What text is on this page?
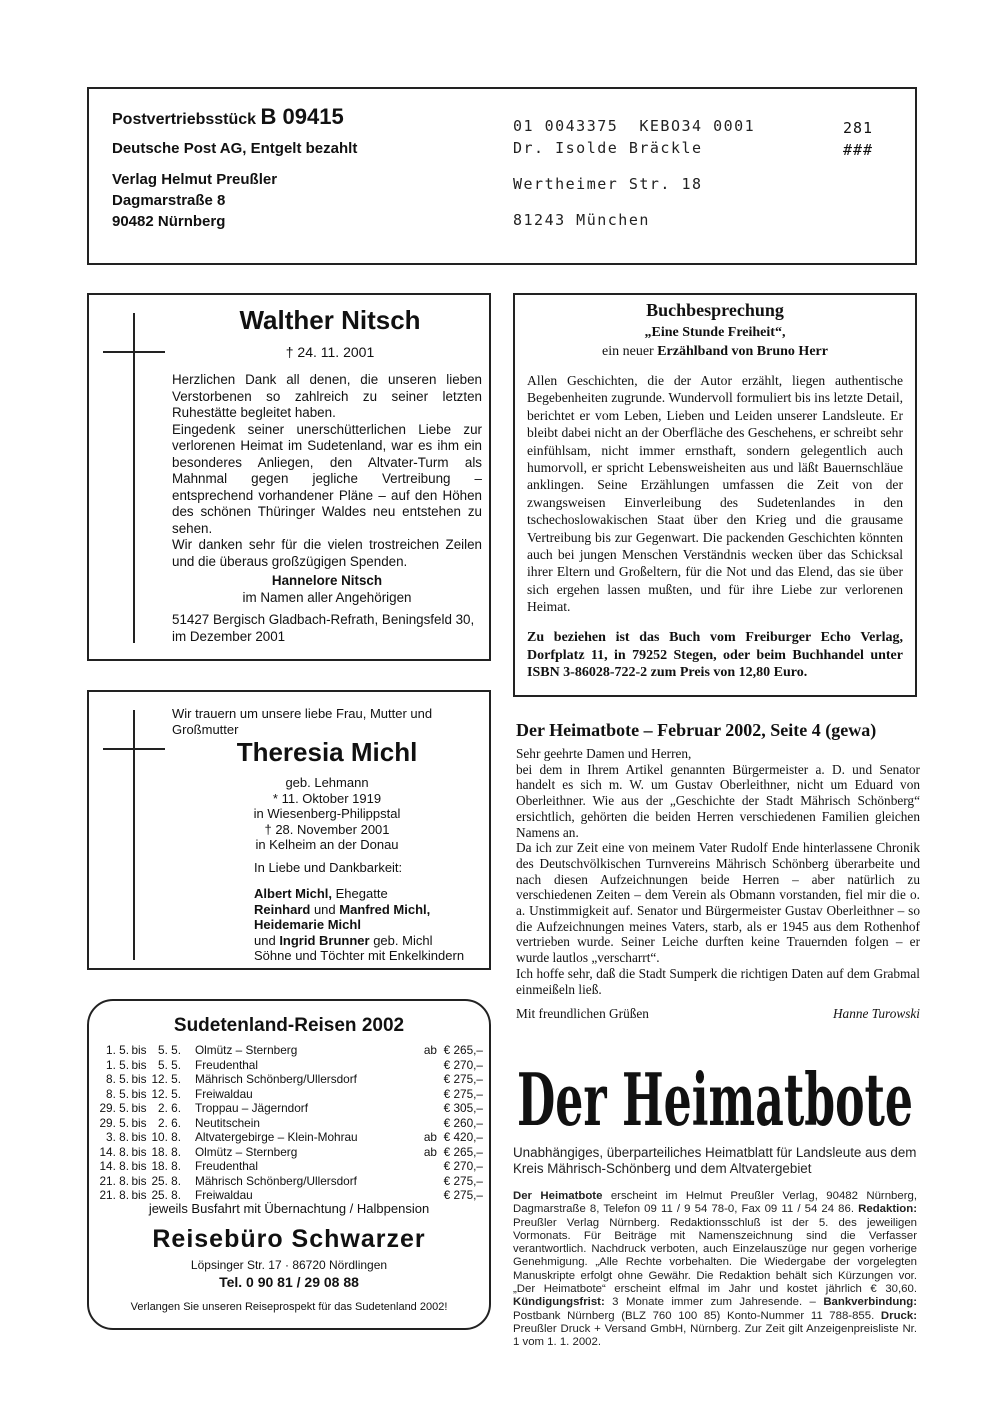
Postvertriebsstück B 09415
Deutsche Post AG, Entgelt bezahlt
Verlag Helmut Preußler
Dagmarstraße 8
90482 Nürnberg
01 0043375  KEBO34 0001
Dr. Isolde Bräckle
Wertheimer Str. 18
81243 München
281
###
Walther Nitsch
† 24. 11. 2001
Herzlichen Dank all denen, die unseren lieben Verstorbenen so zahlreich zu seiner letzten Ruhestätte begleitet haben.
Eingedenk seiner unerschütterlichen Liebe zur verlorenen Heimat im Sudetenland, war es ihm ein besonderes Anliegen, den Altvater-Turm als Mahnmal gegen jegliche Vertreibung – entsprechend vorhandener Pläne – auf den Höhen des schönen Thüringer Waldes neu entstehen zu sehen.
Wir danken sehr für die vielen trostreichen Zeilen und die überaus großzügigen Spenden.
Hannelore Nitsch
im Namen aller Angehörigen
51427 Bergisch Gladbach-Refrath, Beningsfeld 30,
im Dezember 2001
Buchbesprechung
„Eine Stunde Freiheit“,
ein neuer Erzählband von Bruno Herr
Allen Geschichten, die der Autor erzählt, liegen authentische Begebenheiten zugrunde. Wundervoll formuliert bis ins letzte Detail, berichtet er vom Leben, Lieben und Leiden unserer Landsleute. Er bleibt dabei nicht an der Oberfläche des Geschehens, er schreibt sehr einfühlsam, nicht immer ernsthaft, sondern gelegentlich auch humorvoll, er spricht Lebensweisheiten aus und läßt Bauernschläue anklingen. Seine Erzählungen umfassen die Zeit von der zwangsweisen Einverleibung des Sudetenlandes in den tschechoslowakischen Staat über den Krieg und die grausame Vertreibung bis zur Gegenwart. Die packenden Geschichten könnten auch bei jungen Menschen Verständnis wecken über das Schicksal ihrer Eltern und Großeltern, für die Not und das Elend, das sie über sich ergehen lassen mußten, und für ihre Liebe zur verlorenen Heimat.
Zu beziehen ist das Buch vom Freiburger Echo Verlag, Dorfplatz 11, in 79252 Stegen, oder beim Buchhandel unter ISBN 3-86028-722-2 zum Preis von 12,80 Euro.
Wir trauern um unsere liebe Frau, Mutter und Großmutter
Theresia Michl
geb. Lehmann
* 11. Oktober 1919
in Wiesenberg-Philippstal
† 28. November 2001
in Kelheim an der Donau
In Liebe und Dankbarkeit:
Albert Michl, Ehegatte
Reinhard und Manfred Michl,
Heidemarie Michl
und Ingrid Brunner geb. Michl
Söhne und Töchter mit Enkelkindern
Sudetenland-Reisen 2002
1. 5.	bis	5. 5.	Olmütz – Sternberg	ab	€ 265,–
1. 5.	bis	5. 5.	Freudenthal		€ 270,–
8. 5.	bis	12. 5.	Mährisch Schönberg/Ullersdorf		€ 275,–
8. 5.	bis	12. 5.	Freiwaldau		€ 275,–
29. 5.	bis	2. 6.	Troppau – Jägerndorf		€ 305,–
29. 5.	bis	2. 6.	Neutitschein		€ 260,–
3. 8.	bis	10. 8.	Altvatergebirge – Klein-Mohrau	ab	€ 420,–
14. 8.	bis	18. 8.	Olmütz – Sternberg	ab	€ 265,–
14. 8.	bis	18. 8.	Freudenthal		€ 270,–
21. 8.	bis	25. 8.	Mährisch Schönberg/Ullersdorf		€ 275,–
21. 8.	bis	25. 8.	Freiwaldau		€ 275,–
jeweils Busfahrt mit Übernachtung / Halbpension
Reisebüro Schwarzer
Löpsinger Str. 17 · 86720 Nördlingen
Tel. 0 90 81 / 29 08 88
Verlangen Sie unseren Reiseprospekt für das Sudetenland 2002!
Der Heimatbote – Februar 2002, Seite 4 (gewa)
Sehr geehrte Damen und Herren,
bei dem in Ihrem Artikel genannten Bürgermeister a. D. und Senator handelt es sich m. W. um Gustav Oberleithner, nicht um Eduard von Oberleithner. Wie aus der „Geschichte der Stadt Mährisch Schönberg“ ersichtlich, gehörten die beiden Herren verschiedenen Familien gleichen Namens an.
Da ich zur Zeit eine von meinem Vater Rudolf Ende hinterlassene Chronik des Deutschvölkischen Turnvereins Mährisch Schönberg überarbeite und nach diesen Aufzeichnungen beide Herren – aber natürlich zu verschiedenen Zeiten – dem Verein als Obmann vorstanden, fiel mir die o. a. Unstimmigkeit auf. Senator und Bürgermeister Gustav Oberleithner – so die Aufzeichnungen meines Vaters, starb, als er 1945 aus dem Rothenhof vertrieben wurde. Seiner Leiche durften keine Trauernden folgen – er wurde lautlos „verscharrt“.
Ich hoffe sehr, daß die Stadt Sumperk die richtigen Daten auf dem Grabmal einmeißeln ließ.
Mit freundlichen Grüßen	Hanne Turowski
Der Heimatbote
Unabhängiges, überparteiliches Heimatblatt für Landsleute aus dem Kreis Mährisch-Schönberg und dem Altvatergebiet
Der Heimatbote erscheint im Helmut Preußler Verlag, 90482 Nürnberg, Dagmarstraße 8, Telefon 09 11 / 9 54 78-0, Fax 09 11 / 54 24 86. Redaktion: Preußler Verlag Nürnberg. Redaktionsschluß ist der 5. des jeweiligen Vormonats. Für Beiträge mit Namenszeichnung sind die Verfasser verantwortlich. Nachdruck verboten, auch Einzelauszüge nur gegen vorherige Genehmigung. „Alle Rechte vorbehalten. Die Wiedergabe der vorgelegten Manuskripte erfolgt ohne Gewähr. Die Redaktion behält sich Kürzungen vor. „Der Heimatbote“ erscheint elfmal im Jahr und kostet jährlich € 30,60. Kündigungsfrist: 3 Monate immer zum Jahresende. – Bankverbindung: Postbank Nürnberg (BLZ 760 100 85) Konto-Nummer 11 788-855. Druck: Preußler Druck + Versand GmbH, Nürnberg. Zur Zeit gilt Anzeigenpreisliste Nr. 1 vom 1. 1. 2002.
